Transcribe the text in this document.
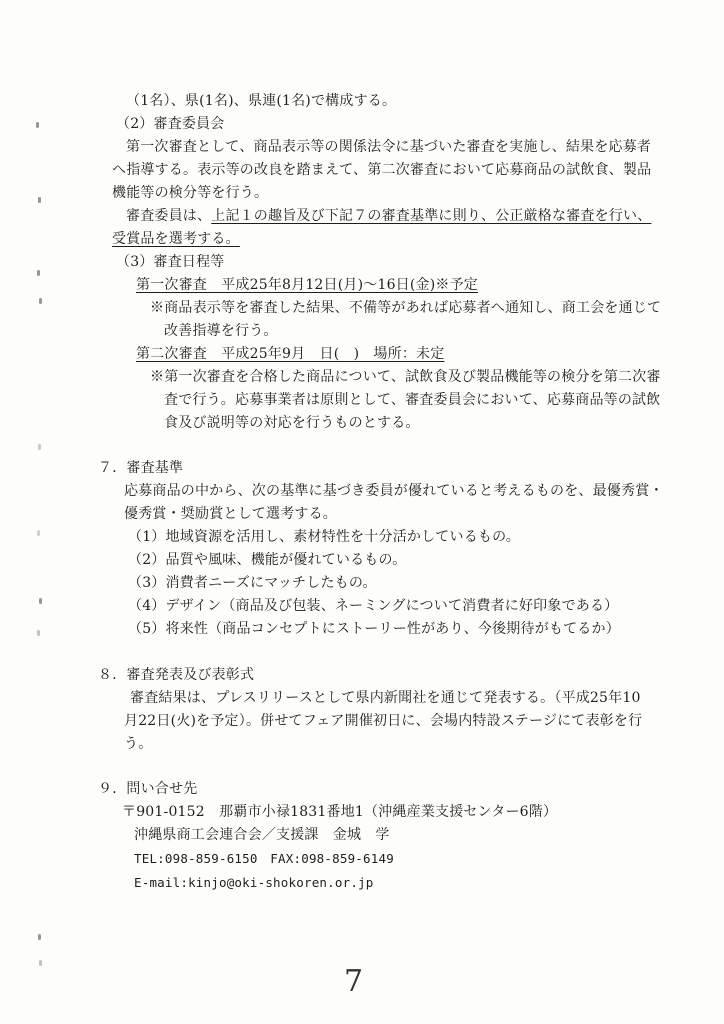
（1名）、県(1名)、県連(1名)で構成する。
（2）審査委員会
第一次審査として、商品表示等の関係法令に基づいた審査を実施し、結果を応募者
へ指導する。表示等の改良を踏まえて、第二次審査において応募商品の試飲食、製品
機能等の検分等を行う。
審査委員は、上記１の趣旨及び下記７の審査基準に則り、公正厳格な審査を行い、
受賞品を選考する。
（3）審査日程等
第一次審査　平成25年8月12日(月)～16日(金)※予定
※商品表示等を審査した結果、不備等があれば応募者へ通知し、商工会を通じて
改善指導を行う。
第二次審査　平成25年9月　日(　)　場所：未定
※第一次審査を合格した商品について、試飲食及び製品機能等の検分を第二次審
査で行う。応募事業者は原則として、審査委員会において、応募商品等の試飲
食及び説明等の対応を行うものとする。
７．審査基準
応募商品の中から、次の基準に基づき委員が優れていると考えるものを、最優秀賞・
優秀賞・奨励賞として選考する。
（1）地域資源を活用し、素材特性を十分活かしているもの。
（2）品質や風味、機能が優れているもの。
（3）消費者ニーズにマッチしたもの。
（4）デザイン（商品及び包装、ネーミングについて消費者に好印象である）
（5）将来性（商品コンセプトにストーリー性があり、今後期待がもてるか）
８．審査発表及び表彰式
審査結果は、プレスリリースとして県内新聞社を通じて発表する。（平成25年10
月22日(火)を予定）。併せてフェア開催初日に、会場内特設ステージにて表彰を行
う。
９．問い合せ先
〒901-0152　那覇市小禄1831番地1（沖縄産業支援センター6階）
沖縄県商工会連合会／支援課　金城　学
TEL:098-859-6150　FAX:098-859-6149
E-mail:kinjo@oki-shokoren.or.jp
7
